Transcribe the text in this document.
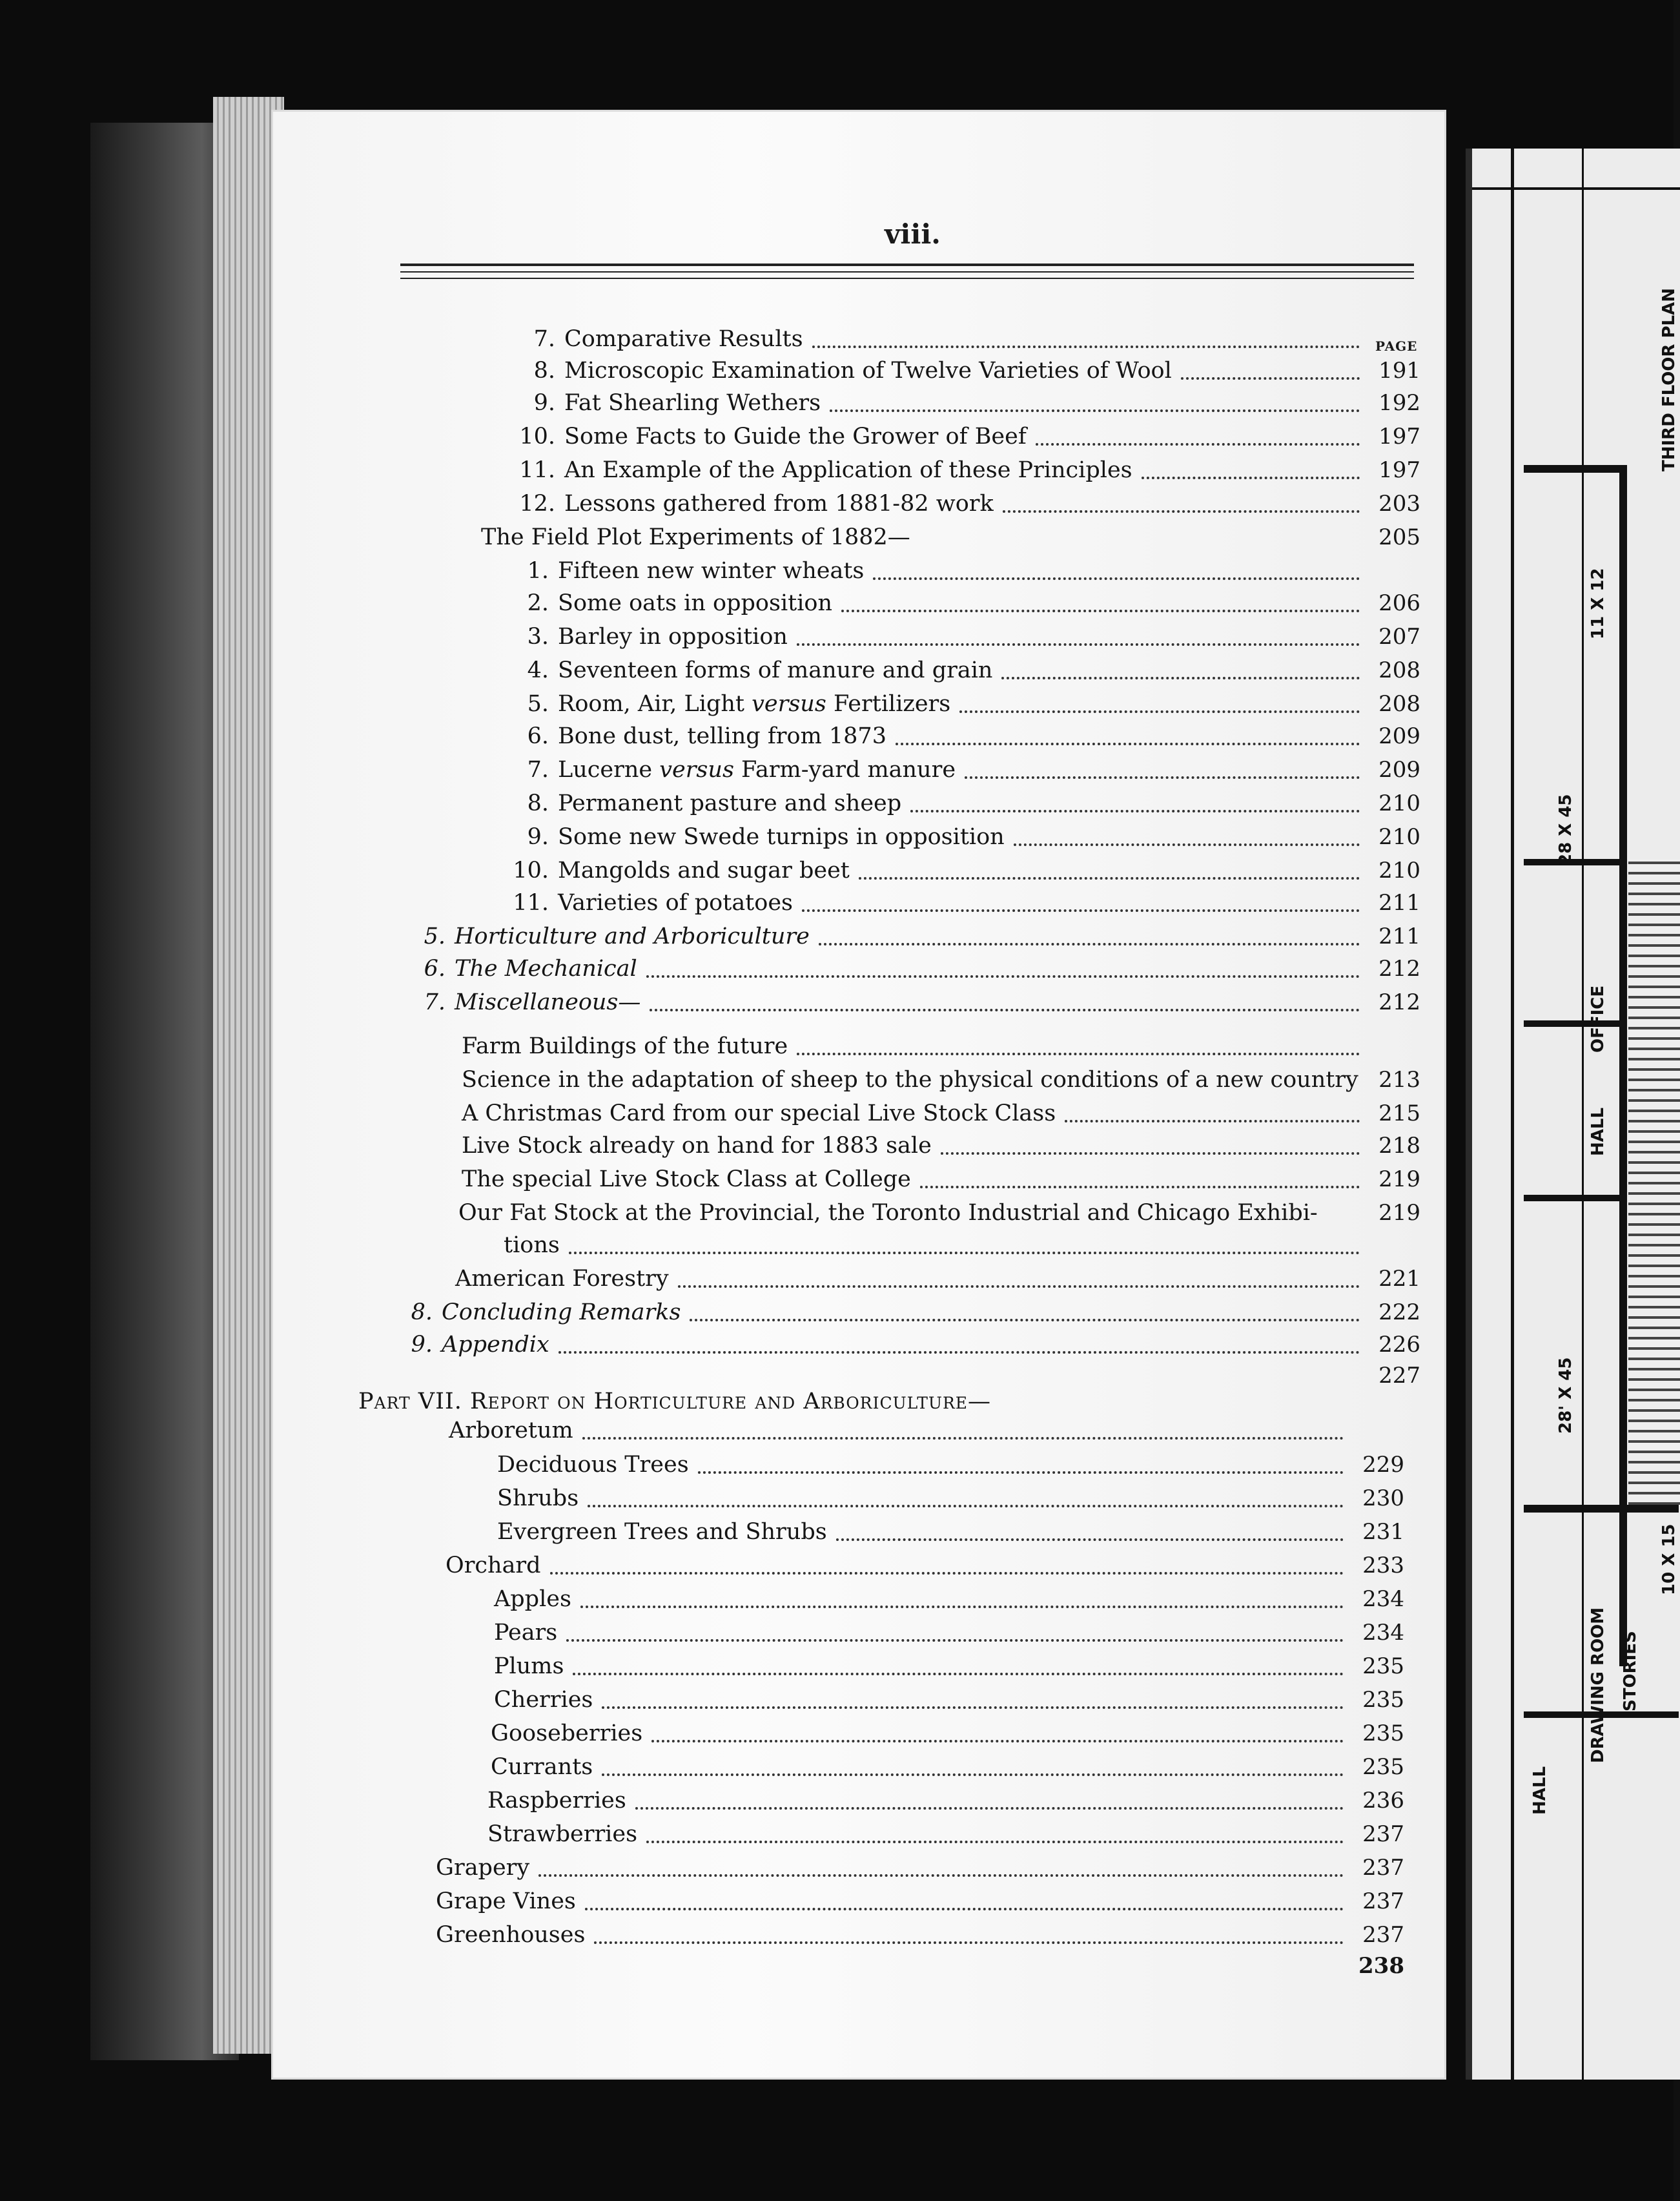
THIRD FLOOR PLAN
11 X 12
28 X 45
OFFICE
HALL
28' X 45
10 X 15
DRAWING ROOM STORIES
HALL
viii.
PAGE
7. Comparative Results
8. Microscopic Examination of Twelve Varieties of Wool	191
9. Fat Shearling Wethers	192
10. Some Facts to Guide the Grower of Beef	197
11. An Example of the Application of these Principles	197
12. Lessons gathered from 1881-82 work	203
The Field Plot Experiments of 1882—	205
1. Fifteen new winter wheats
2. Some oats in opposition	206
3. Barley in opposition	207
4. Seventeen forms of manure and grain	208
5. Room, Air, Light versus Fertilizers	208
6. Bone dust, telling from 1873	209
7. Lucerne versus Farm-yard manure	209
8. Permanent pasture and sheep	210
9. Some new Swede turnips in opposition	210
10. Mangolds and sugar beet	210
11. Varieties of potatoes	211
5. Horticulture and Arboriculture	211
6. The Mechanical	212
7. Miscellaneous—	212
Farm Buildings of the future
Science in the adaptation of sheep to the physical conditions of a new country 213
A Christmas Card from our special Live Stock Class	215
Live Stock already on hand for 1883 sale	218
The special Live Stock Class at College	219
Our Fat Stock at the Provincial, the Toronto Industrial and Chicago Exhibi-	219
tions
American Forestry	221
8. Concluding Remarks	222
9. Appendix	226
227
Part VII. Report on Horticulture and Arboriculture—
Arboretum
Deciduous Trees	229
Shrubs	230
Evergreen Trees and Shrubs	231
Orchard	233
Apples	234
Pears	234
Plums	235
Cherries	235
Gooseberries	235
Currants	235
Raspberries	236
Strawberries	237
Grapery	237
Grape Vines	237
Greenhouses	237
238
